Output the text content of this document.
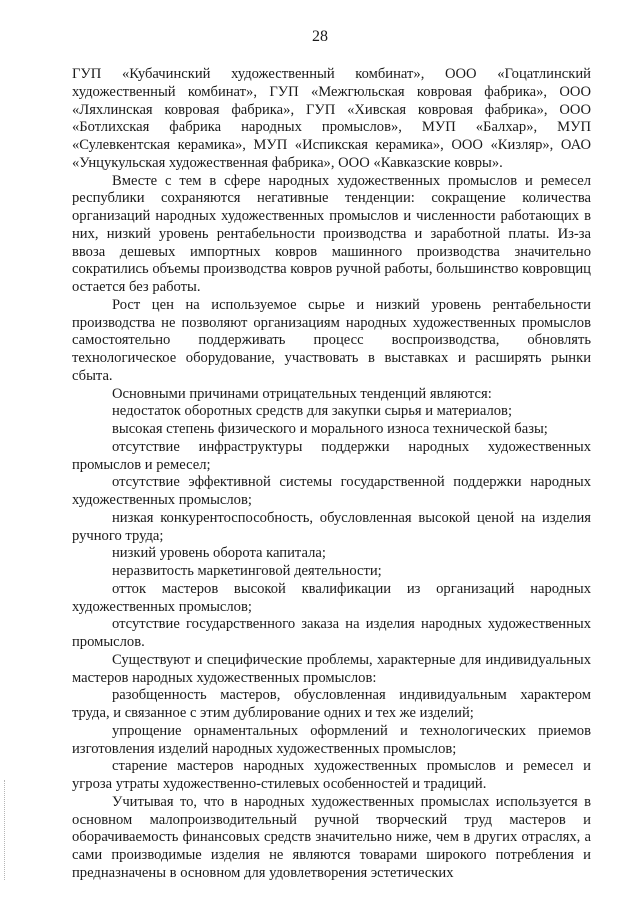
28

ГУП «Кубачинский художественный комбинат», ООО «Гоцатлинский художественный комбинат», ГУП «Межгюльская ковровая фабрика», ООО «Ляхлинская ковровая фабрика», ГУП «Хивская ковровая фабрика», ООО «Ботлихская фабрика народных промыслов», МУП «Балхар», МУП «Сулевкентская керамика», МУП «Испикская керамика», ООО «Кизляр», ОАО «Унцукульская художественная фабрика», ООО «Кавказские ковры».

Вместе с тем в сфере народных художественных промыслов и ремесел республики сохраняются негативные тенденции: сокращение количества организаций народных художественных промыслов и численности работающих в них, низкий уровень рентабельности производства и заработной платы. Из-за ввоза дешевых импортных ковров машинного производства значительно сократились объемы производства ковров ручной работы, большинство ковровщиц остается без работы.

Рост цен на используемое сырье и низкий уровень рентабельности производства не позволяют организациям народных художественных промыслов самостоятельно поддерживать процесс воспроизводства, обновлять технологическое оборудование, участвовать в выставках и расширять рынки сбыта.

Основными причинами отрицательных тенденций являются:

недостаток оборотных средств для закупки сырья и материалов;

высокая степень физического и морального износа технической базы;

отсутствие инфраструктуры поддержки народных художественных промыслов и ремесел;

отсутствие эффективной системы государственной поддержки народных художественных промыслов;

низкая конкурентоспособность, обусловленная высокой ценой на изделия ручного труда;

низкий уровень оборота капитала;

неразвитость маркетинговой деятельности;

отток мастеров высокой квалификации из организаций народных художественных промыслов;

отсутствие государственного заказа на изделия народных художественных промыслов.

Существуют и специфические проблемы, характерные для индивидуальных мастеров народных художественных промыслов:

разобщенность мастеров, обусловленная индивидуальным характером труда, и связанное с этим дублирование одних и тех же изделий;

упрощение орнаментальных оформлений и технологических приемов изготовления изделий народных художественных промыслов;

старение мастеров народных художественных промыслов и ремесел и угроза утраты художественно-стилевых особенностей и традиций.

Учитывая то, что в народных художественных промыслах используется в основном малопроизводительный ручной творческий труд мастеров и оборачиваемость финансовых средств значительно ниже, чем в других отраслях, а сами производимые изделия не являются товарами широкого потребления и предназначены в основном для удовлетворения эстетических
